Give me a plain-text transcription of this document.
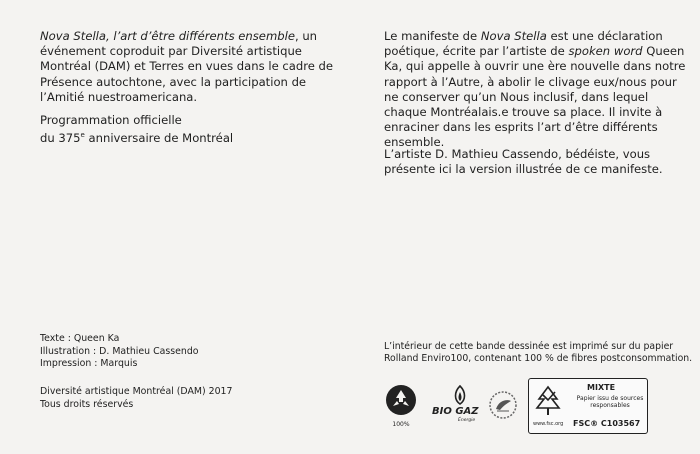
Nova Stella, l’art d’être différents ensemble, un événement coproduit par Diversité artistique Montréal (DAM) et Terres en vues dans le cadre de Présence autochtone, avec la participation de l’Amitié nuestroamericana.

Programmation officielle

du 375e anniversaire de Montréal

Le manifeste de Nova Stella est une déclaration poétique, écrite par l’artiste de spoken word Queen Ka, qui appelle à ouvrir une ère nouvelle dans notre rapport à l’Autre, à abolir le clivage eux/nous pour ne conserver qu’un Nous inclusif, dans lequel chaque Montréalais.e trouve sa place. Il invite à enraciner dans les esprits l’art d’être différents ensemble.

L’artiste D. Mathieu Cassendo, bédéiste, vous présente ici la version illustrée de ce manifeste.

Texte : Queen Ka

Illustration : D. Mathieu Cassendo

Impression : Marquis

Diversité artistique Montréal (DAM) 2017

Tous droits réservés

L’intérieur de cette bande dessinée est imprimé sur du papier Rolland Enviro100, contenant 100 % de fibres postconsommation.
100%
BIO GAZ
Énergie
www.fsc.org
MIXTE
Papier issu de sources responsables
FSC® C103567
